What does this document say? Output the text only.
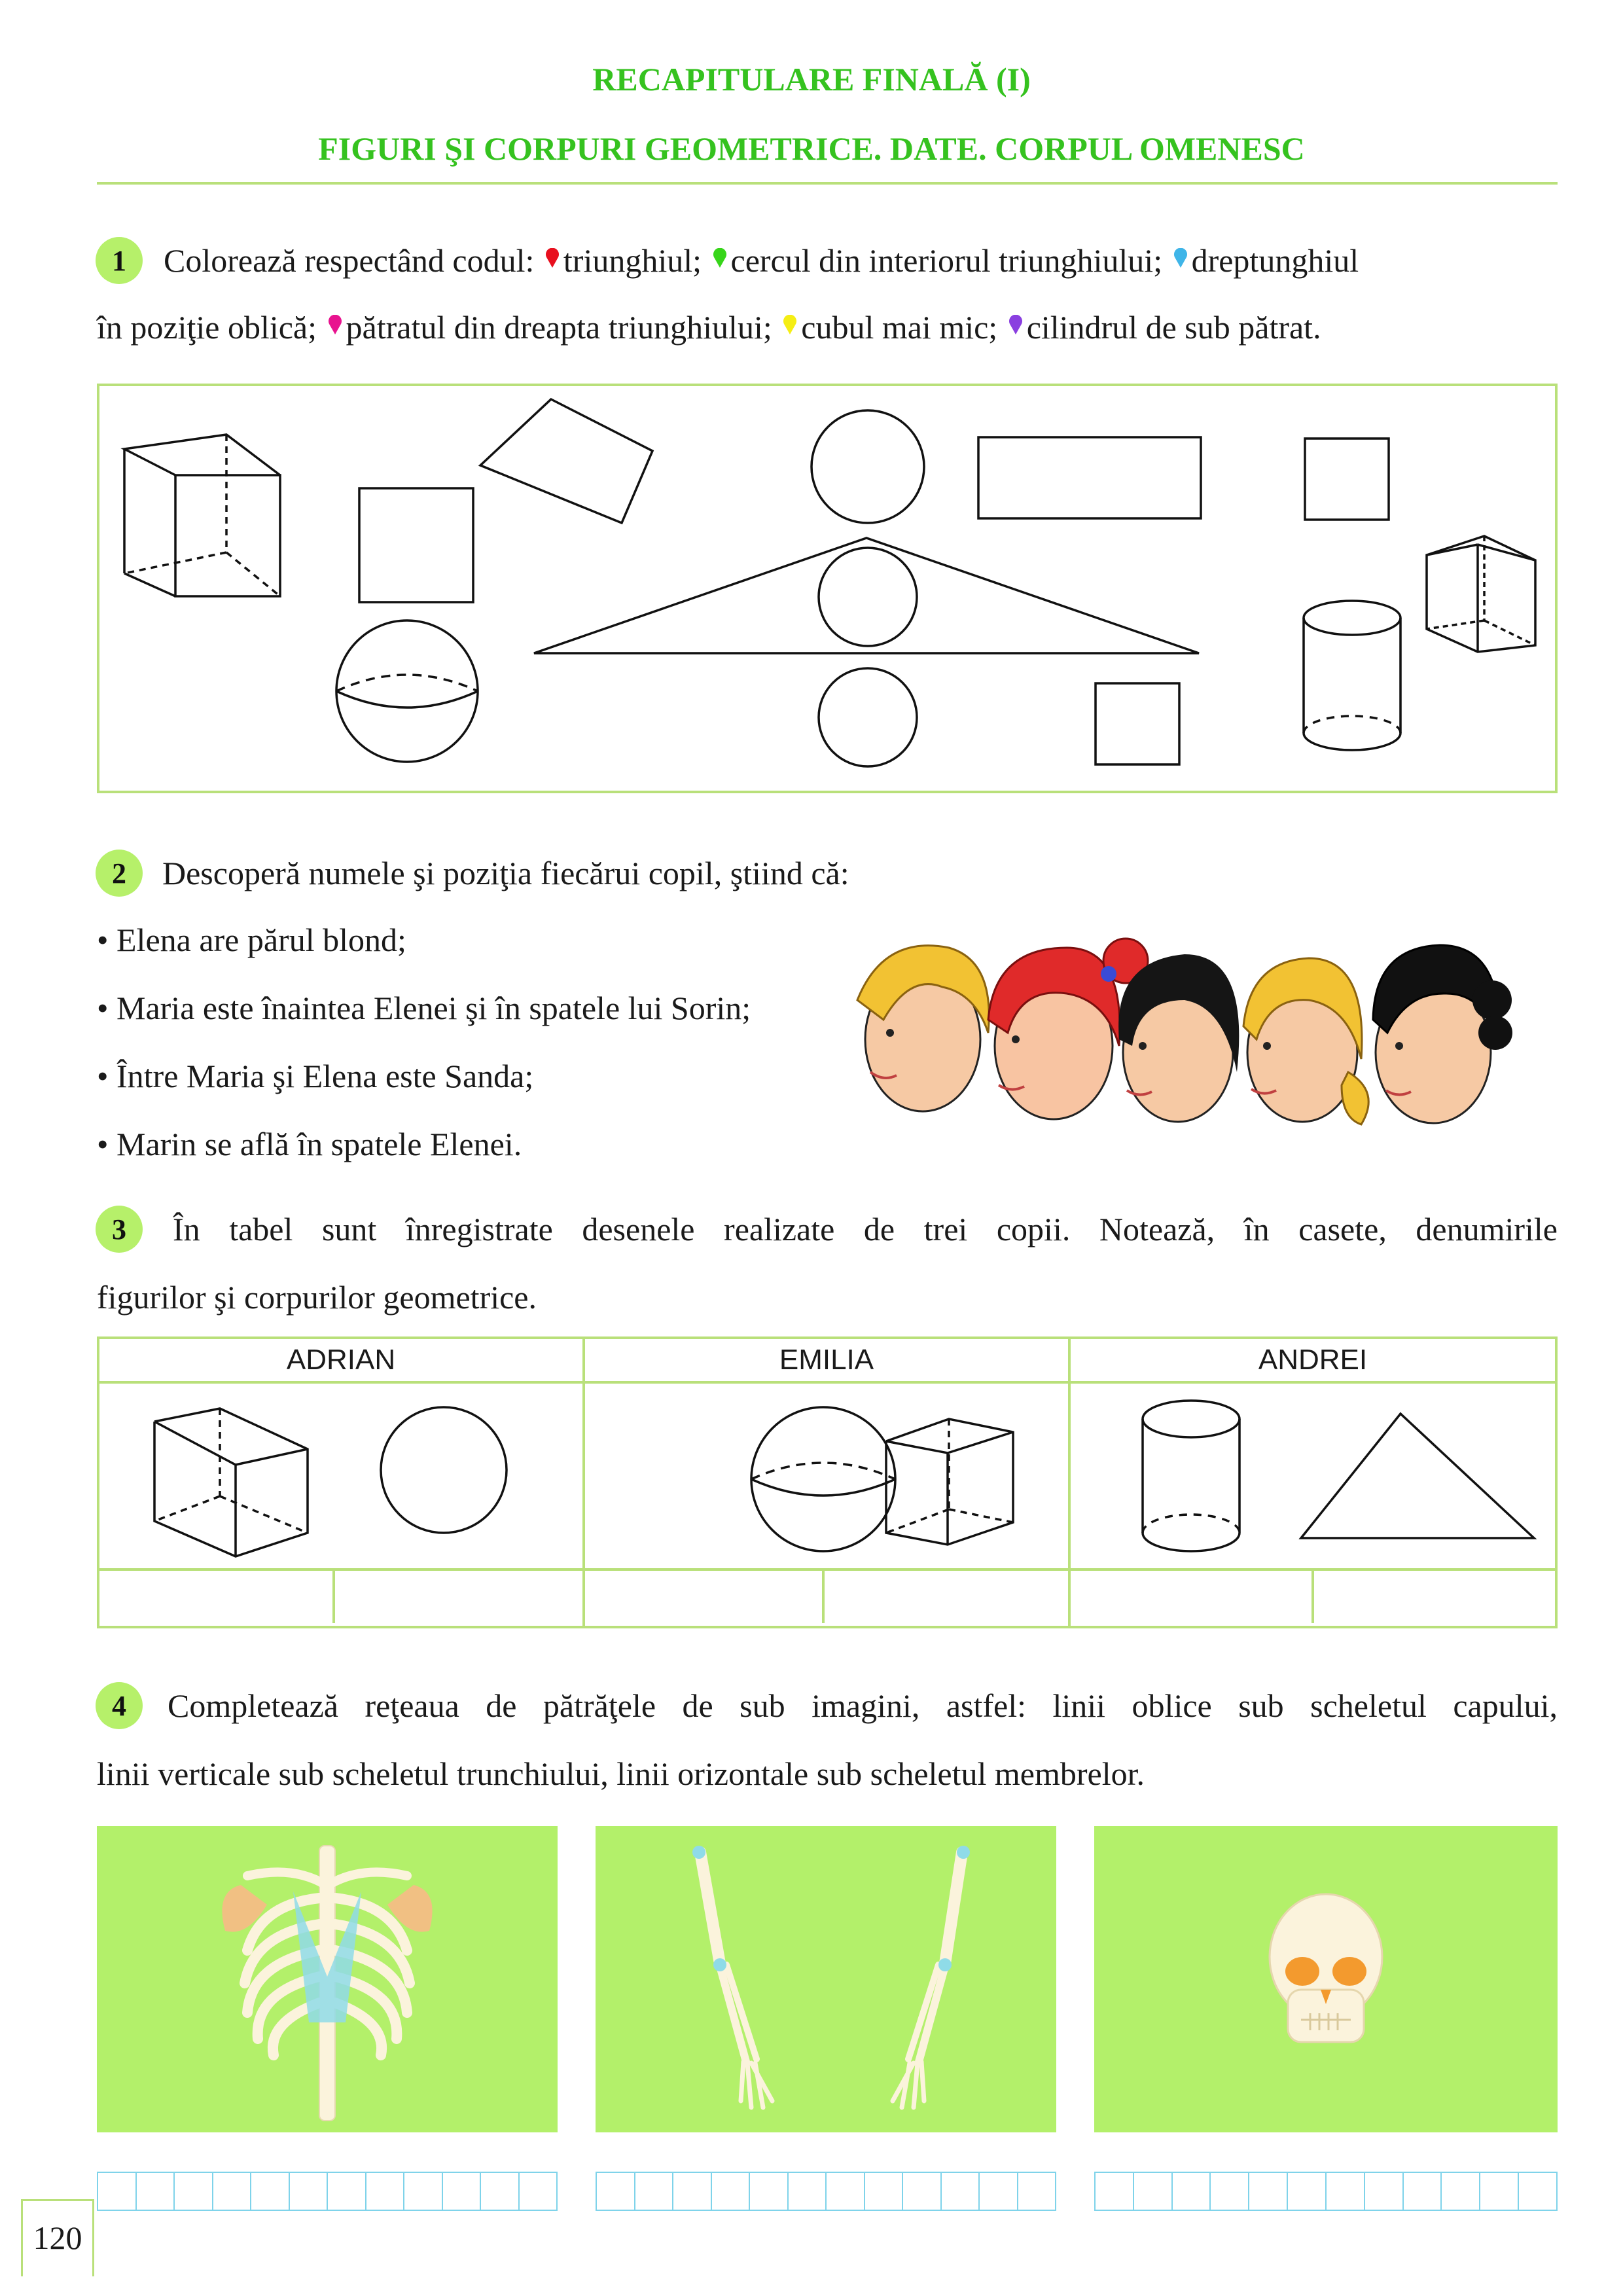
RECAPITULARE FINALĂ (I)
FIGURI ŞI CORPURI GEOMETRICE. DATE. CORPUL OMENESC
1	Colorează respectând codul: triunghiul; cercul din interiorul triunghiului; dreptunghiul
în poziţie oblică; pătratul din dreapta triunghiului; cubul mai mic; cilindrul de sub pătrat.
2	Descoperă numele şi poziţia fiecărui copil, ştiind că:
• Elena are părul blond;
• Maria este înaintea Elenei şi în spatele lui Sorin;
• Între Maria şi Elena este Sanda;
• Marin se află în spatele Elenei.
3	În tabel sunt înregistrate desenele realizate de trei copii. Notează, în casete, denumirile
figurilor şi corpurilor geometrice.
ADRIAN	EMILIA	ANDREI
4	Completează reţeaua de pătrăţele de sub imagini, astfel: linii oblice sub scheletul capului,
linii verticale sub scheletul trunchiului, linii orizontale sub scheletul membrelor.
120
